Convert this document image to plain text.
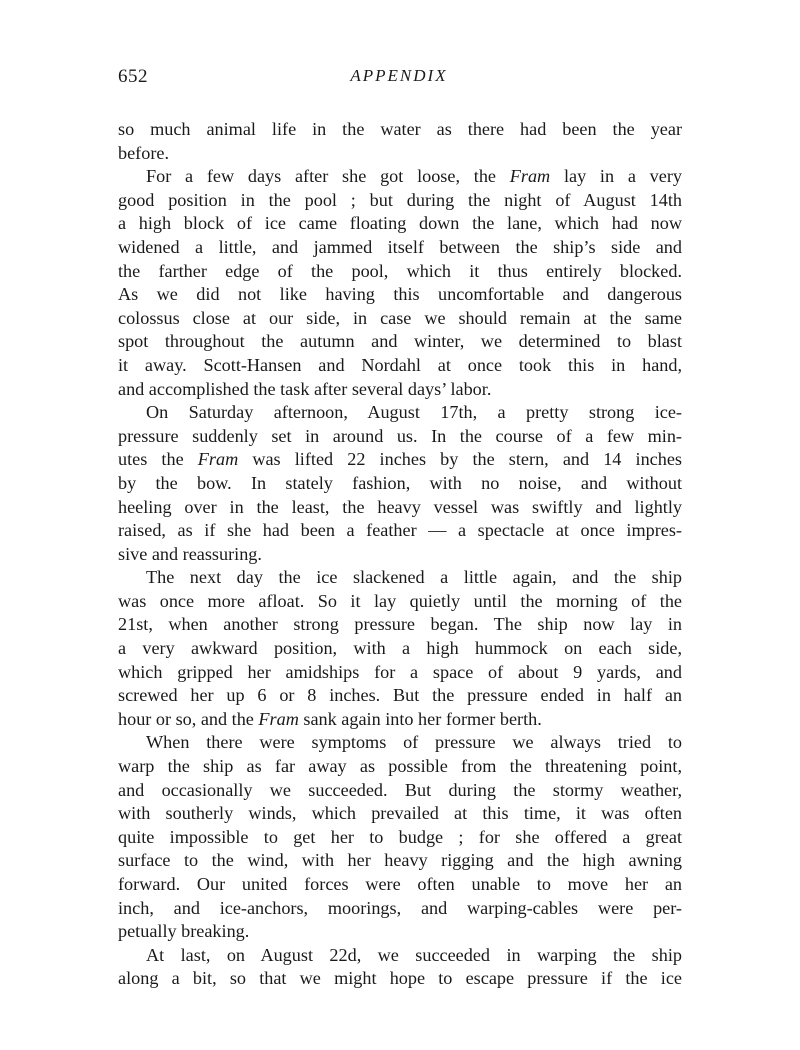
652	APPENDIX
so much animal life in the water as there had been the year
before.
For a few days after she got loose, the Fram lay in a very
good position in the pool ; but during the night of August 14th
a high block of ice came floating down the lane, which had now
widened a little, and jammed itself between the ship’s side and
the farther edge of the pool, which it thus entirely blocked.
As we did not like having this uncomfortable and dangerous
colossus close at our side, in case we should remain at the same
spot throughout the autumn and winter, we determined to blast
it away. Scott-Hansen and Nordahl at once took this in hand,
and accomplished the task after several days’ labor.
On Saturday afternoon, August 17th, a pretty strong ice-
pressure suddenly set in around us. In the course of a few min-
utes the Fram was lifted 22 inches by the stern, and 14 inches
by the bow. In stately fashion, with no noise, and without
heeling over in the least, the heavy vessel was swiftly and lightly
raised, as if she had been a feather — a spectacle at once impres-
sive and reassuring.
The next day the ice slackened a little again, and the ship
was once more afloat. So it lay quietly until the morning of the
21st, when another strong pressure began. The ship now lay in
a very awkward position, with a high hummock on each side,
which gripped her amidships for a space of about 9 yards, and
screwed her up 6 or 8 inches. But the pressure ended in half an
hour or so, and the Fram sank again into her former berth.
When there were symptoms of pressure we always tried to
warp the ship as far away as possible from the threatening point,
and occasionally we succeeded. But during the stormy weather,
with southerly winds, which prevailed at this time, it was often
quite impossible to get her to budge ; for she offered a great
surface to the wind, with her heavy rigging and the high awning
forward. Our united forces were often unable to move her an
inch, and ice-anchors, moorings, and warping-cables were per-
petually breaking.
At last, on August 22d, we succeeded in warping the ship
along a bit, so that we might hope to escape pressure if the ice
